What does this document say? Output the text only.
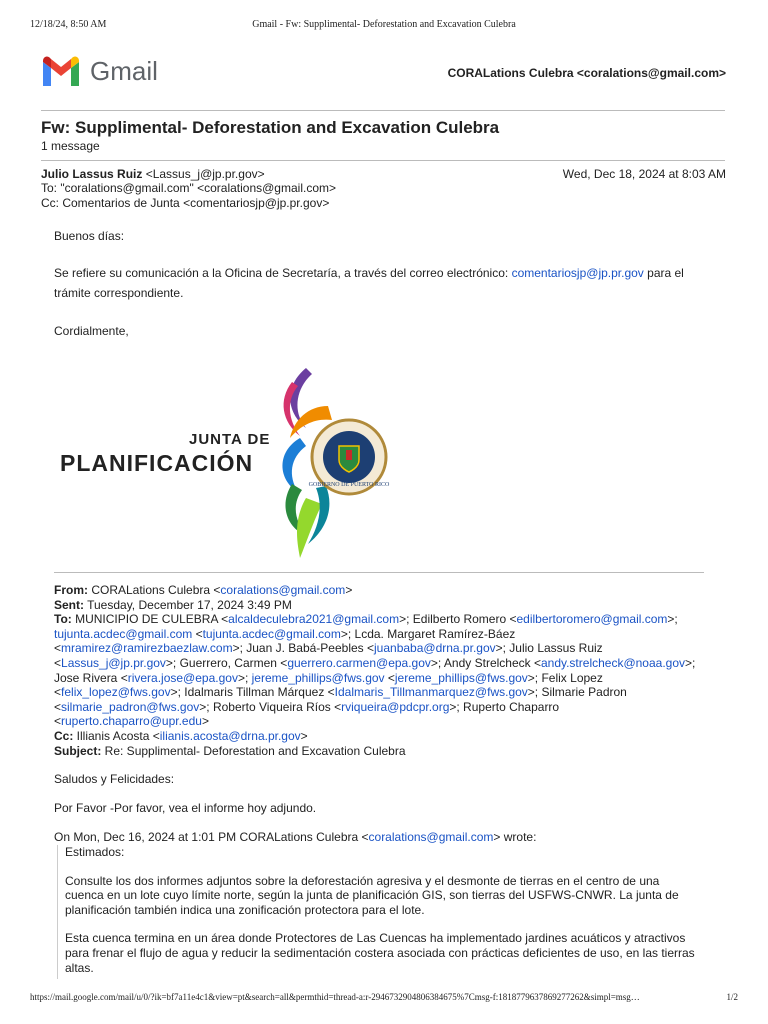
12/18/24, 8:50 AM	Gmail - Fw: Supplimental- Deforestation and Excavation Culebra
Gmail	CORALations Culebra <coralations@gmail.com>
Fw: Supplimental- Deforestation and Excavation Culebra
1 message
Julio Lassus Ruiz <Lassus_j@jp.pr.gov>	Wed, Dec 18, 2024 at 8:03 AM
To: "coralations@gmail.com" <coralations@gmail.com>
Cc: Comentarios de Junta <comentariosjp@jp.pr.gov>
Buenos días:
Se refiere su comunicación a la Oficina de Secretaría, a través del correo electrónico: comentariosjp@jp.pr.gov para el
trámite correspondiente.
Cordialmente,
GOBIERNO DE PUERTO RICO
JUNTA DE
PLANIFICACIÓN
From: CORALations Culebra <coralations@gmail.com>
Sent: Tuesday, December 17, 2024 3:49 PM
To: MUNICIPIO DE CULEBRA <alcaldeculebra2021@gmail.com>; Edilberto Romero <edilbertoromero@gmail.com>;
tujunta.acdec@gmail.com <tujunta.acdec@gmail.com>; Lcda. Margaret Ramírez-Báez
<mramirez@ramirezbaezlaw.com>; Juan J. Babá-Peebles <juanbaba@drna.pr.gov>; Julio Lassus Ruiz
<Lassus_j@jp.pr.gov>; Guerrero, Carmen <guerrero.carmen@epa.gov>; Andy Strelcheck <andy.strelcheck@noaa.gov>;
Jose Rivera <rivera.jose@epa.gov>; jereme_phillips@fws.gov <jereme_phillips@fws.gov>; Felix Lopez
<felix_lopez@fws.gov>; Idalmaris Tillman Márquez <Idalmaris_Tillmanmarquez@fws.gov>; Silmarie Padron
<silmarie_padron@fws.gov>; Roberto Viqueira Ríos <rviqueira@pdcpr.org>; Ruperto Chaparro
<ruperto.chaparro@upr.edu>
Cc: Illianis Acosta <ilianis.acosta@drna.pr.gov>
Subject: Re: Supplimental- Deforestation and Excavation Culebra
Saludos y Felicidades:
Por Favor -Por favor, vea el informe hoy adjundo.
On Mon, Dec 16, 2024 at 1:01 PM CORALations Culebra <coralations@gmail.com> wrote:
Estimados:
Consulte los dos informes adjuntos sobre la deforestación agresiva y el desmonte de tierras en el centro de una
cuenca en un lote cuyo límite norte, según la junta de planificación GIS, son tierras del USFWS-CNWR. La junta de
planificación también indica una zonificación protectora para el lote.
Esta cuenca termina en un área donde Protectores de Las Cuencas ha implementado jardines acuáticos y atractivos
para frenar el flujo de agua y reducir la sedimentación costera asociada con prácticas deficientes de uso, en las tierras
altas.
https://mail.google.com/mail/u/0/?ik=bf7a11e4c1&view=pt&search=all&permthid=thread-a:r-2946732904806384675%7Cmsg-f:1818779637869277262&simpl=msg…	1/2
